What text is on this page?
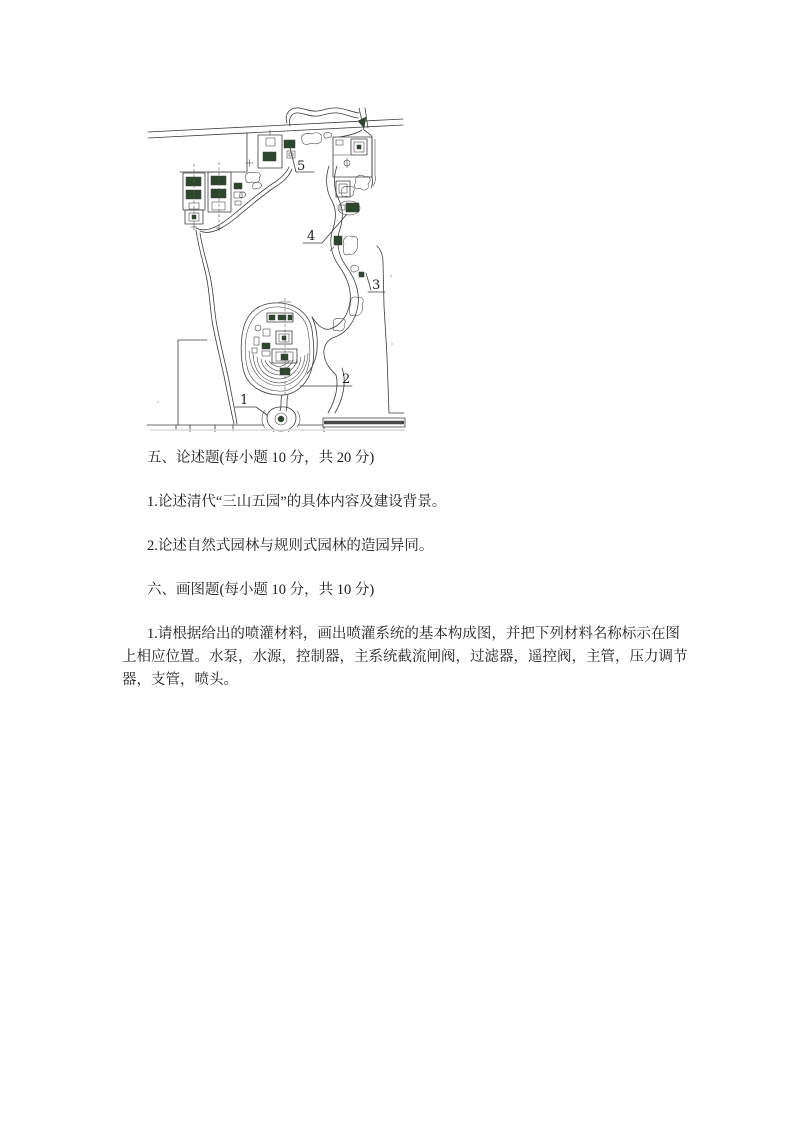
5
4
3
2
1

五、论述题(每小题 10 分，共 20 分)

1.论述清代“三山五园”的具体内容及建设背景。

2.论述自然式园林与规则式园林的造园异同。

六、画图题(每小题 10 分，共 10 分)

1.请根据给出的喷灌材料，画出喷灌系统的基本构成图，并把下列材料名称标示在图上相应位置。水泵，水源，控制器，主系统截流闸阀，过滤器，遥控阀，主管，压力调节器，支管，喷头。
